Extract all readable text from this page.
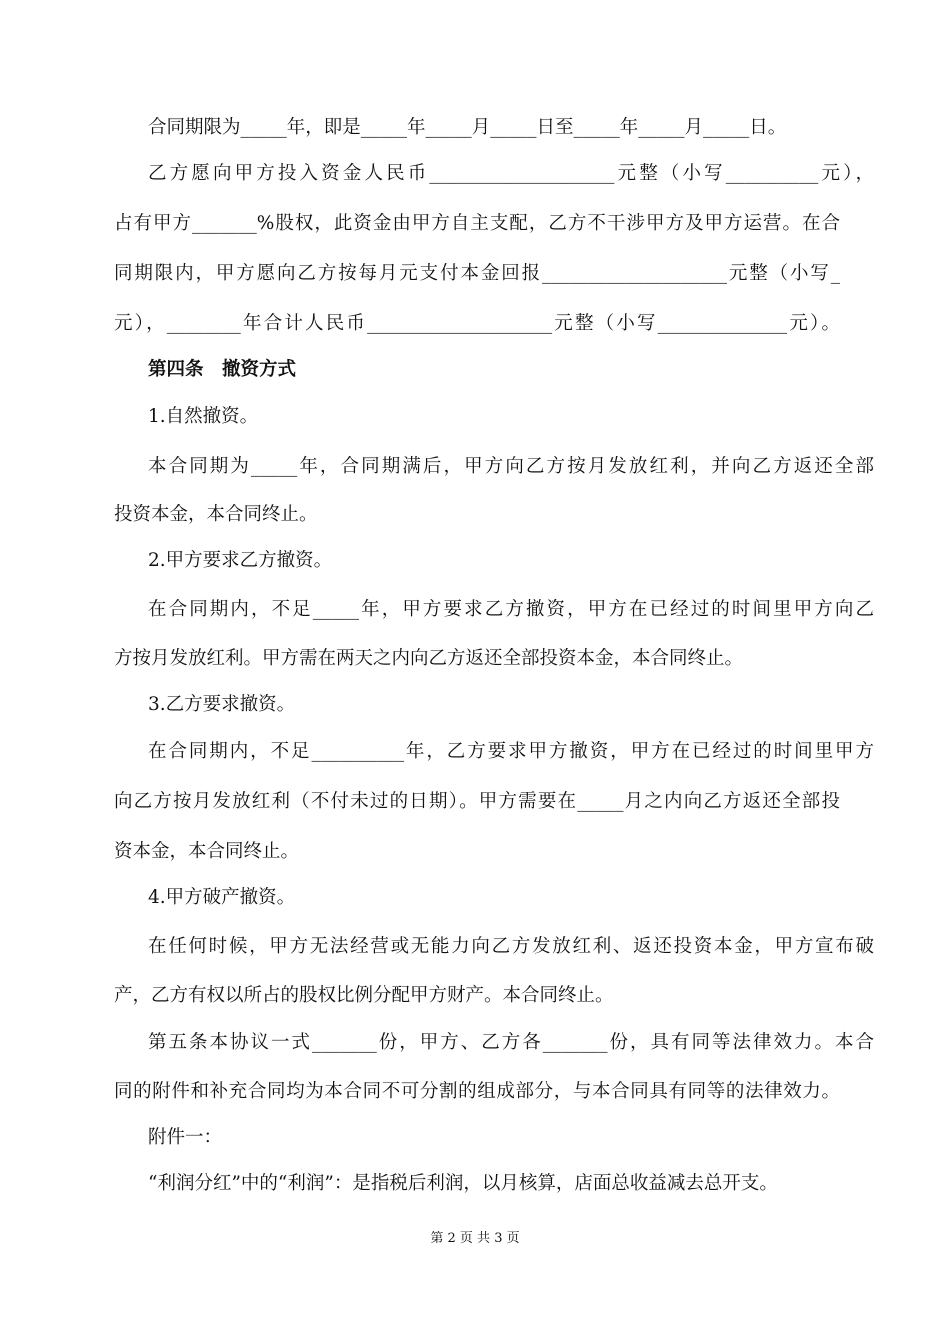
合同期限为_____年，即是_____年_____月_____日至_____年_____月_____日。
乙方愿向甲方投入资金人民币____________________元整（小写__________元），
占有甲方_______%股权，此资金由甲方自主支配，乙方不干涉甲方及甲方运营。在合
同期限内，甲方愿向乙方按每月元支付本金回报____________________元整（小写_
元），________年合计人民币____________________元整（小写______________元）。
第四条　撤资方式
1.自然撤资。
本合同期为_____年，合同期满后，甲方向乙方按月发放红利，并向乙方返还全部
投资本金，本合同终止。
2.甲方要求乙方撤资。
在合同期内，不足_____年，甲方要求乙方撤资，甲方在已经过的时间里甲方向乙
方按月发放红利。甲方需在两天之内向乙方返还全部投资本金，本合同终止。
3.乙方要求撤资。
在合同期内，不足__________年，乙方要求甲方撤资，甲方在已经过的时间里甲方
向乙方按月发放红利（不付未过的日期）。甲方需要在_____月之内向乙方返还全部投
资本金，本合同终止。
4.甲方破产撤资。
在任何时候，甲方无法经营或无能力向乙方发放红利、返还投资本金，甲方宣布破
产，乙方有权以所占的股权比例分配甲方财产。本合同终止。
第五条本协议一式_______份，甲方、乙方各_______份，具有同等法律效力。本合
同的附件和补充合同均为本合同不可分割的组成部分，与本合同具有同等的法律效力。
附件一：
“利润分红”中的“利润”：是指税后利润，以月核算，店面总收益减去总开支。
第 2 页 共 3 页
